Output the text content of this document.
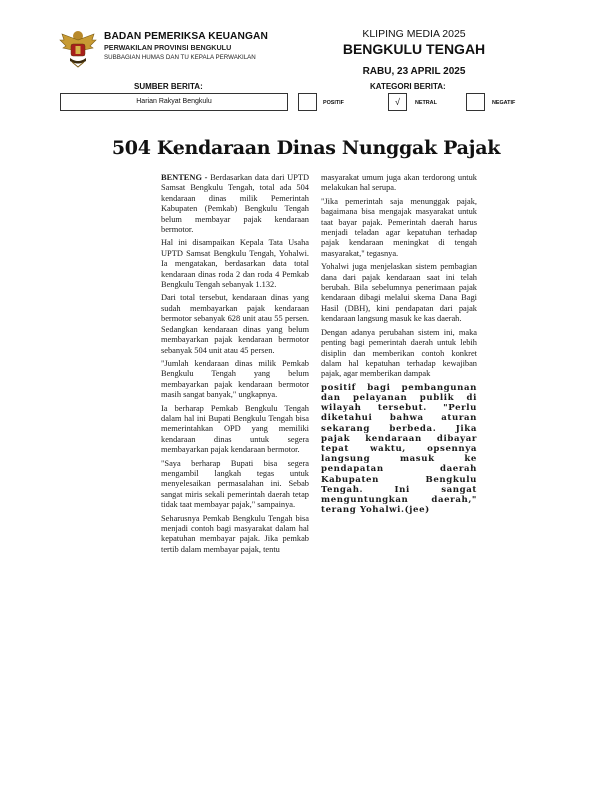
BADAN PEMERIKSA KEUANGAN
PERWAKILAN PROVINSI BENGKULU
SUBBAGIAN HUMAS DAN TU KEPALA PERWAKILAN
KLIPING MEDIA 2025
BENGKULU TENGAH
RABU, 23 APRIL 2025
SUMBER BERITA:	KATEGORI BERITA:
Harian Rakyat Bengkulu	POSITIF	√	NETRAL	NEGATIF
504 Kendaraan Dinas Nunggak Pajak

BENTENG - Berdasarkan data dari UPTD Samsat Bengkulu Tengah, total ada 504 kendaraan dinas milik Pemerintah Kabupaten (Pemkab) Bengkulu Tengah belum membayar pajak kendaraan bermotor.

Hal ini disampaikan Kepala Tata Usaha UPTD Samsat Bengkulu Tengah, Yohalwi. Ia mengatakan, berdasarkan data total kendaraan dinas roda 2 dan roda 4 Pemkab Bengkulu Tengah sebanyak 1.132.

Dari total tersebut, kendaraan dinas yang sudah membayarkan pajak kendaraan bermotor sebanyak 628 unit atau 55 persen. Sedangkan kendaraan dinas yang belum membayarkan pajak kendaraan bermotor sebanyak 504 unit atau 45 persen.

"Jumlah kendaraan dinas milik Pemkab Bengkulu Tengah yang belum membayarkan pajak kendaraan bermotor masih sangat banyak," ungkapnya.

Ia berharap Pemkab Bengkulu Tengah dalam hal ini Bupati Bengkulu Tengah bisa memerintahkan OPD yang memiliki kendaraan dinas untuk segera membayarkan pajak kendaraan bermotor.

"Saya berharap Bupati bisa segera mengambil langkah tegas untuk menyelesaikan permasalahan ini. Sebab sangat miris sekali pemerintah daerah tetap tidak taat membayar pajak," sampainya.

Seharusnya Pemkab Bengkulu Tengah bisa menjadi contoh bagi masyarakat dalam hal kepatuhan membayar pajak. Jika pemkab tertib dalam membayar pajak, tentu

masyarakat umum juga akan terdorong untuk melakukan hal serupa.

"Jika pemerintah saja menunggak pajak, bagaimana bisa mengajak masyarakat untuk taat bayar pajak. Pemerintah daerah harus menjadi teladan agar kepatuhan terhadap pajak kendaraan meningkat di tengah masyarakat," tegasnya.

Yohalwi juga menjelaskan sistem pembagian dana dari pajak kendaraan saat ini telah berubah. Bila sebelumnya penerimaan pajak kendaraan dibagi melalui skema Dana Bagi Hasil (DBH), kini pendapatan dari pajak kendaraan langsung masuk ke kas daerah.

Dengan adanya perubahan sistem ini, maka penting bagi pemerintah daerah untuk lebih disiplin dan memberikan contoh konkret dalam hal kepatuhan terhadap kewajiban pajak, agar memberikan dampak

positif bagi pembangunan dan pelayanan publik di wilayah tersebut. "Perlu diketahui bahwa aturan sekarang berbeda. Jika pajak kendaraan dibayar tepat waktu, opsennya langsung masuk ke pendapatan daerah Kabupaten Bengkulu Tengah. Ini sangat menguntungkan daerah," terang Yohalwi.(jee)
